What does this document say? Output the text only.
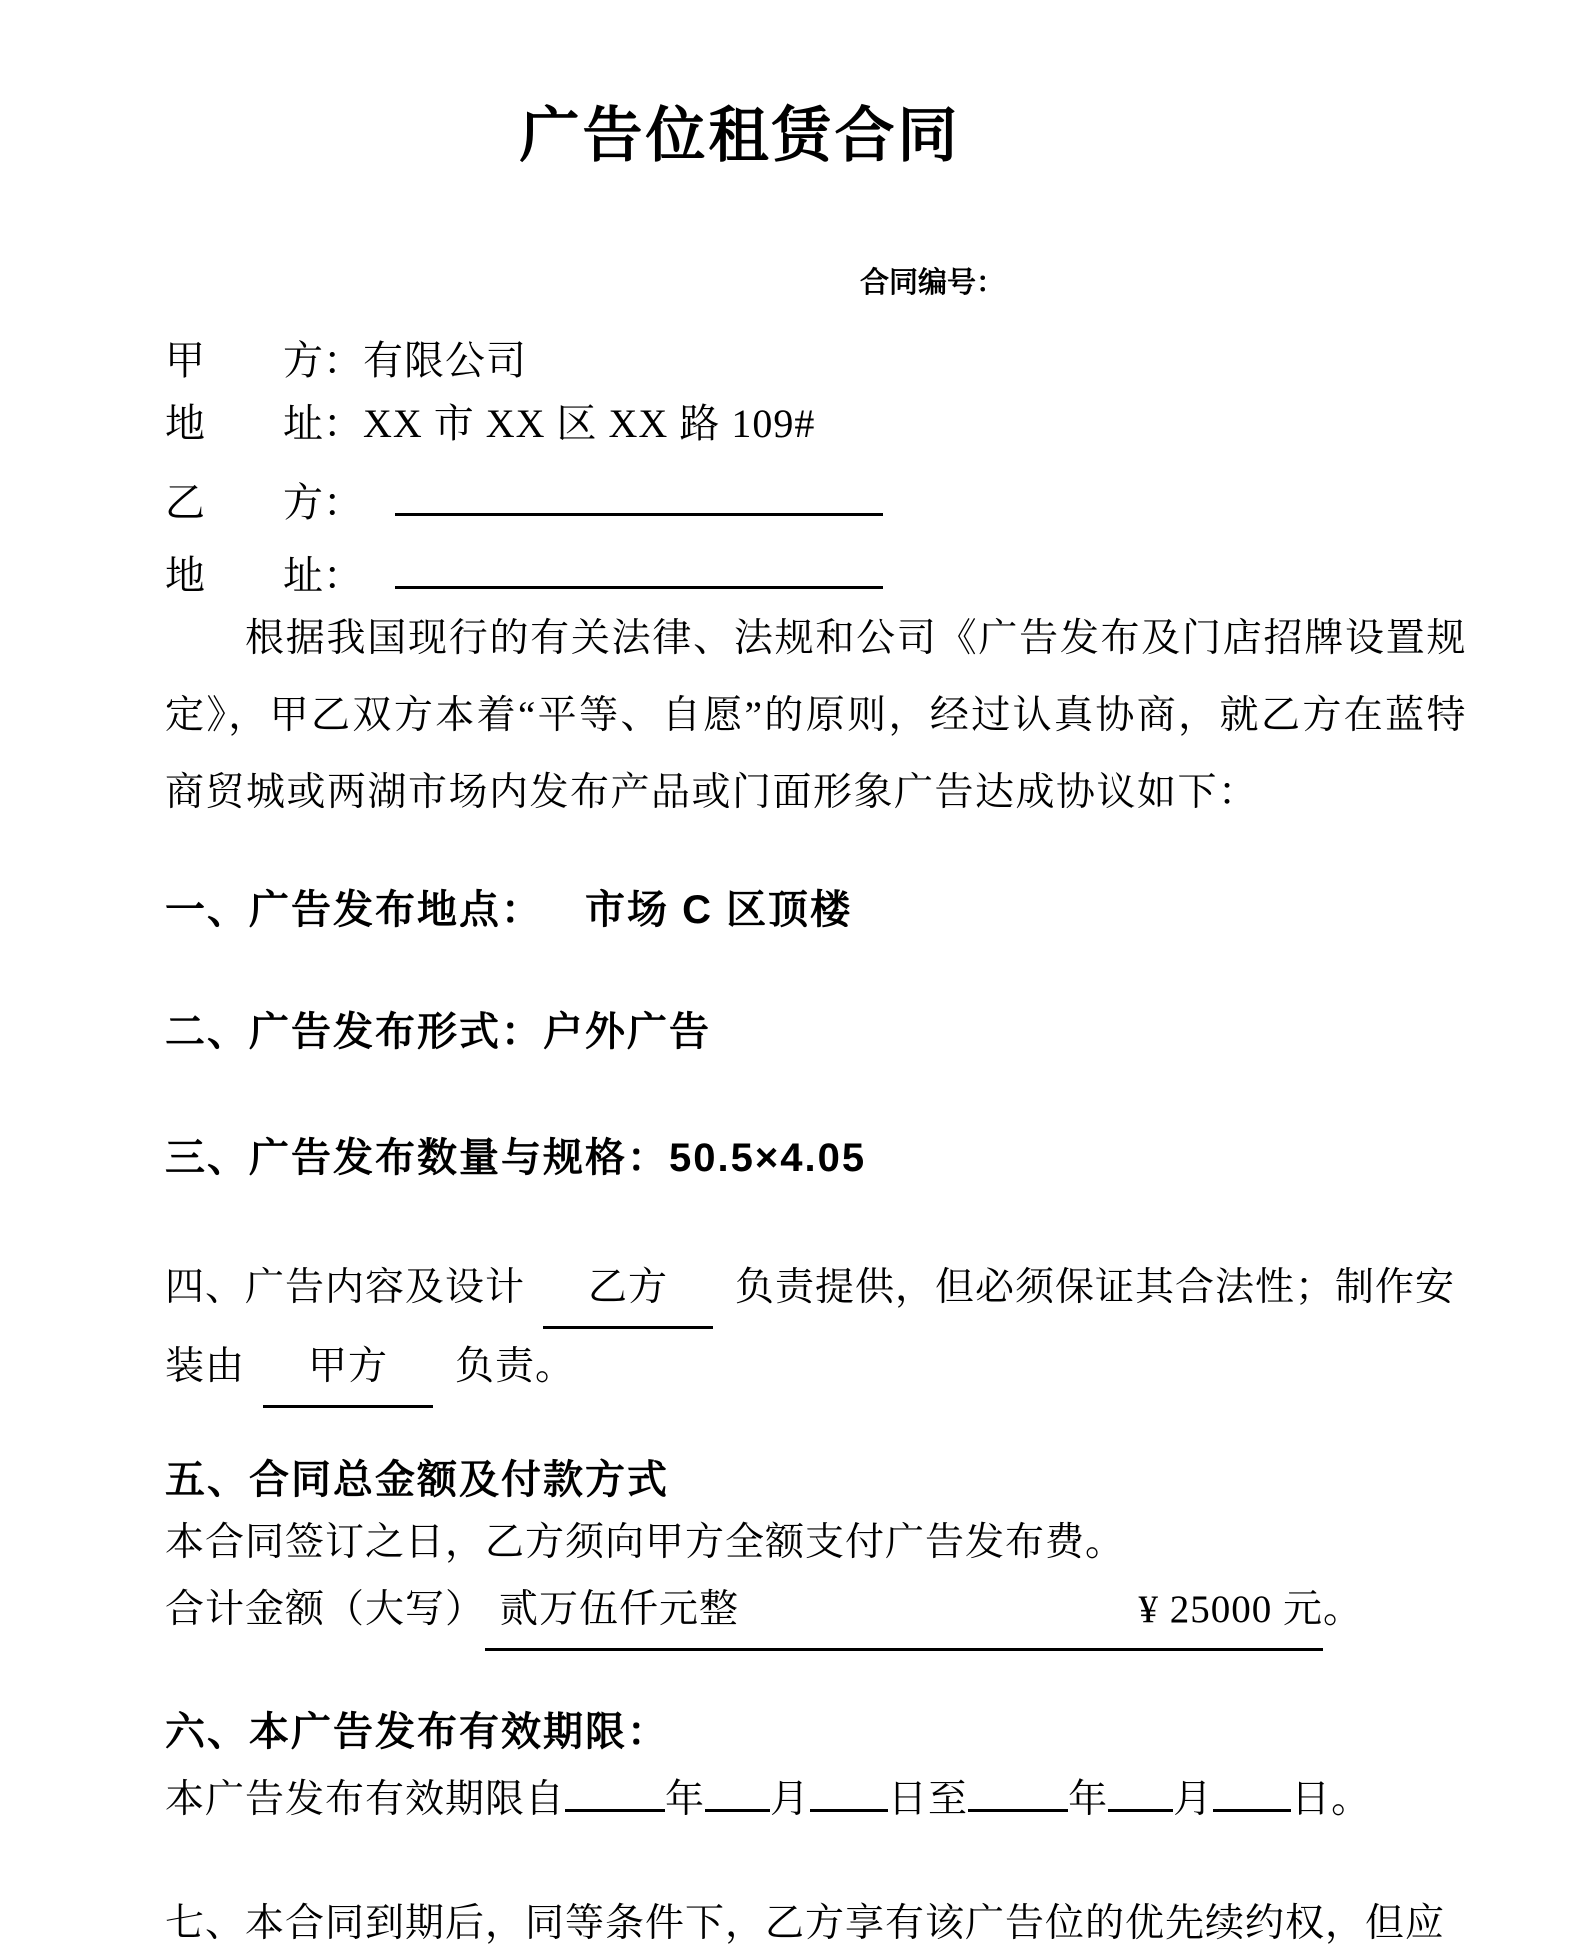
广告位租赁合同
合同编号：
甲 方：有限公司
地 址：XX 市 XX 区 XX 路 109#
乙 方：
地 址：
根据我国现行的有关法律、法规和公司《广告发布及门店招牌设置规定》，甲乙双方本着“平等、自愿”的原则，经过认真协商，就乙方在蓝特商贸城或两湖市场内发布产品或门面形象广告达成协议如下：
一、广告发布地点： 市场 C 区顶楼
二、广告发布形式：户外广告
三、广告发布数量与规格：50.5×4.05
四、广告内容及设计 乙方 负责提供，但必须保证其合法性；制作安
装由 甲方 负责。
五、合同总金额及付款方式
本合同签订之日，乙方须向甲方全额支付广告发布费。
合计金额（大写） 贰万伍仟元整	¥ 25000 元 。
六、本广告发布有效期限：
本广告发布有效期限自	年 月 日至	年 月 日。
七、本合同到期后，同等条件下，乙方享有该广告位的优先续约权，但应
